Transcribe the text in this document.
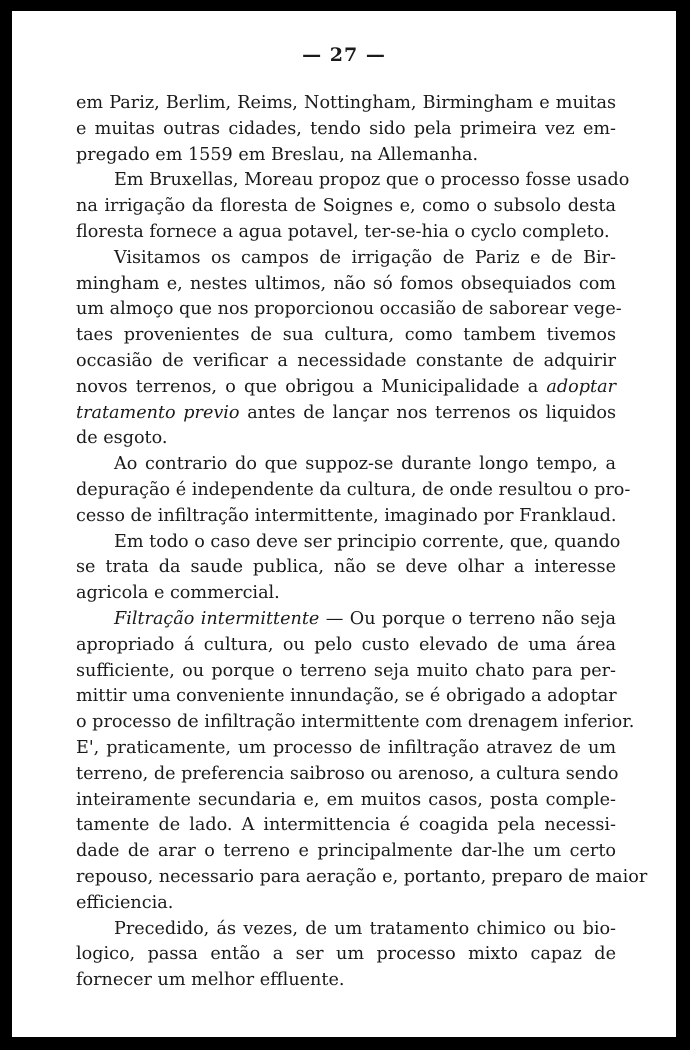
— 27 —
em Pariz, Berlim, Reims, Nottingham, Birmingham e muitas
e muitas outras cidades, tendo sido pela primeira vez em-
pregado em 1559 em Breslau, na Allemanha.
Em Bruxellas, Moreau propoz que o processo fosse usado
na irrigação da floresta de Soignes e, como o subsolo desta
floresta fornece a agua potavel, ter-se-hia o cyclo completo.
Visitamos os campos de irrigação de Pariz e de Bir-
mingham e, nestes ultimos, não só fomos obsequiados com
um almoço que nos proporcionou occasião de saborear vege-
taes provenientes de sua cultura, como tambem tivemos
occasião de verificar a necessidade constante de adquirir
novos terrenos, o que obrigou a Municipalidade a adoptar
tratamento previo antes de lançar nos terrenos os liquidos
de esgoto.
Ao contrario do que suppoz-se durante longo tempo, a
depuração é independente da cultura, de onde resultou o pro-
cesso de infiltração intermittente, imaginado por Franklaud.
Em todo o caso deve ser principio corrente, que, quando
se trata da saude publica, não se deve olhar a interesse
agricola e commercial.
Filtração intermittente — Ou porque o terreno não seja
apropriado á cultura, ou pelo custo elevado de uma área
sufficiente, ou porque o terreno seja muito chato para per-
mittir uma conveniente innundação, se é obrigado a adoptar
o processo de infiltração intermittente com drenagem inferior.
E', praticamente, um processo de infiltração atravez de um
terreno, de preferencia saibroso ou arenoso, a cultura sendo
inteiramente secundaria e, em muitos casos, posta comple-
tamente de lado. A intermittencia é coagida pela necessi-
dade de arar o terreno e principalmente dar-lhe um certo
repouso, necessario para aeração e, portanto, preparo de maior
efficiencia.
Precedido, ás vezes, de um tratamento chimico ou bio-
logico, passa então a ser um processo mixto capaz de
fornecer um melhor effluente.
